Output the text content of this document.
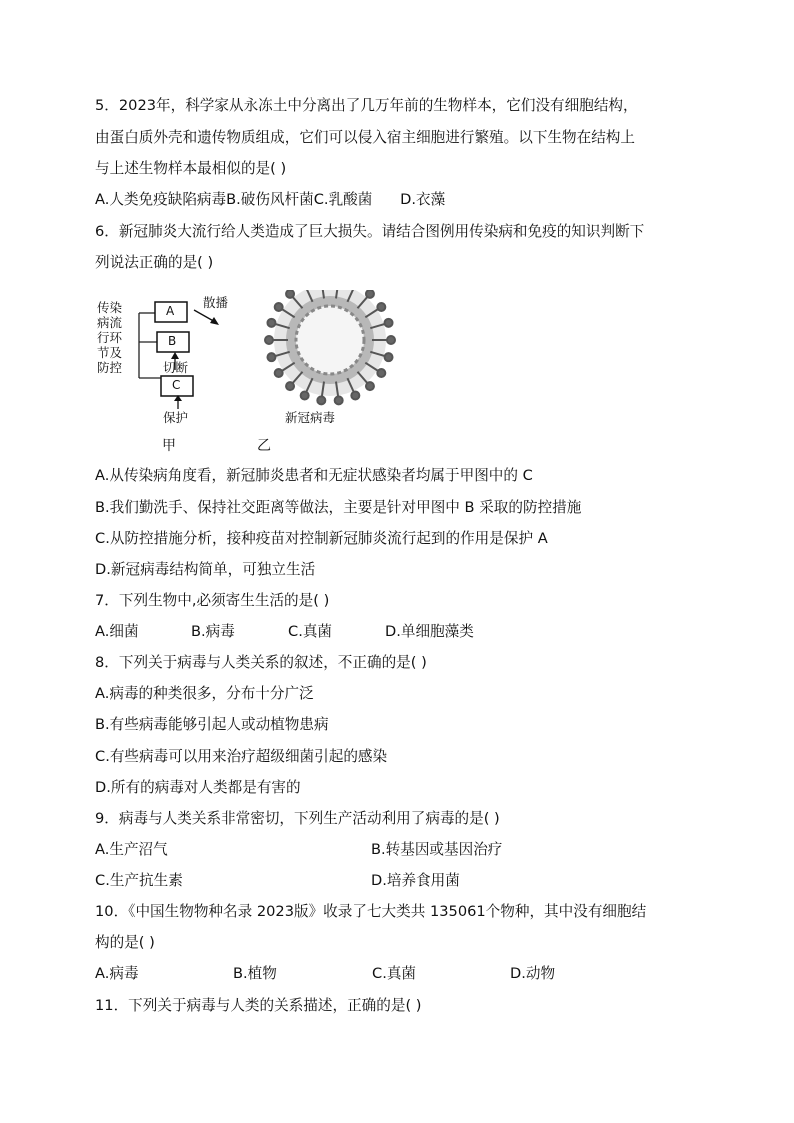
5．2023年，科学家从永冻土中分离出了几万年前的生物样本，它们没有细胞结构，
由蛋白质外壳和遗传物质组成，它们可以侵入宿主细胞进行繁殖。以下生物在结构上
与上述生物样本最相似的是( )
A.人类免疫缺陷病毒B.破伤风杆菌C.乳酸菌      D.衣藻
6．新冠肺炎大流行给人类造成了巨大损失。请结合图例用传染病和免疫的知识判断下
列说法正确的是( )
传染
病流
行环
节及
防控
A
B
C
散播
切断
保护	新冠病毒
甲	乙
A.从传染病角度看，新冠肺炎患者和无症状感染者均属于甲图中的 C
B.我们勤洗手、保持社交距离等做法，主要是针对甲图中 B 采取的防控措施
C.从防控措施分析，接种疫苗对控制新冠肺炎流行起到的作用是保护 A
D.新冠病毒结构简单，可独立生活
7．下列生物中,必须寄生生活的是( )
A.细菌	B.病毒	C.真菌	D.单细胞藻类
8．下列关于病毒与人类关系的叙述，不正确的是( )
A.病毒的种类很多，分布十分广泛
B.有些病毒能够引起人或动植物患病
C.有些病毒可以用来治疗超级细菌引起的感染
D.所有的病毒对人类都是有害的
9．病毒与人类关系非常密切，下列生产活动利用了病毒的是( )
A.生产沼气	B.转基因或基因治疗
C.生产抗生素	D.培养食用菌
10．《中国生物物种名录 2023版》收录了七大类共 135061个物种，其中没有细胞结
构的是( )
A.病毒	B.植物	C.真菌	D.动物
11．下列关于病毒与人类的关系描述，正确的是( )
